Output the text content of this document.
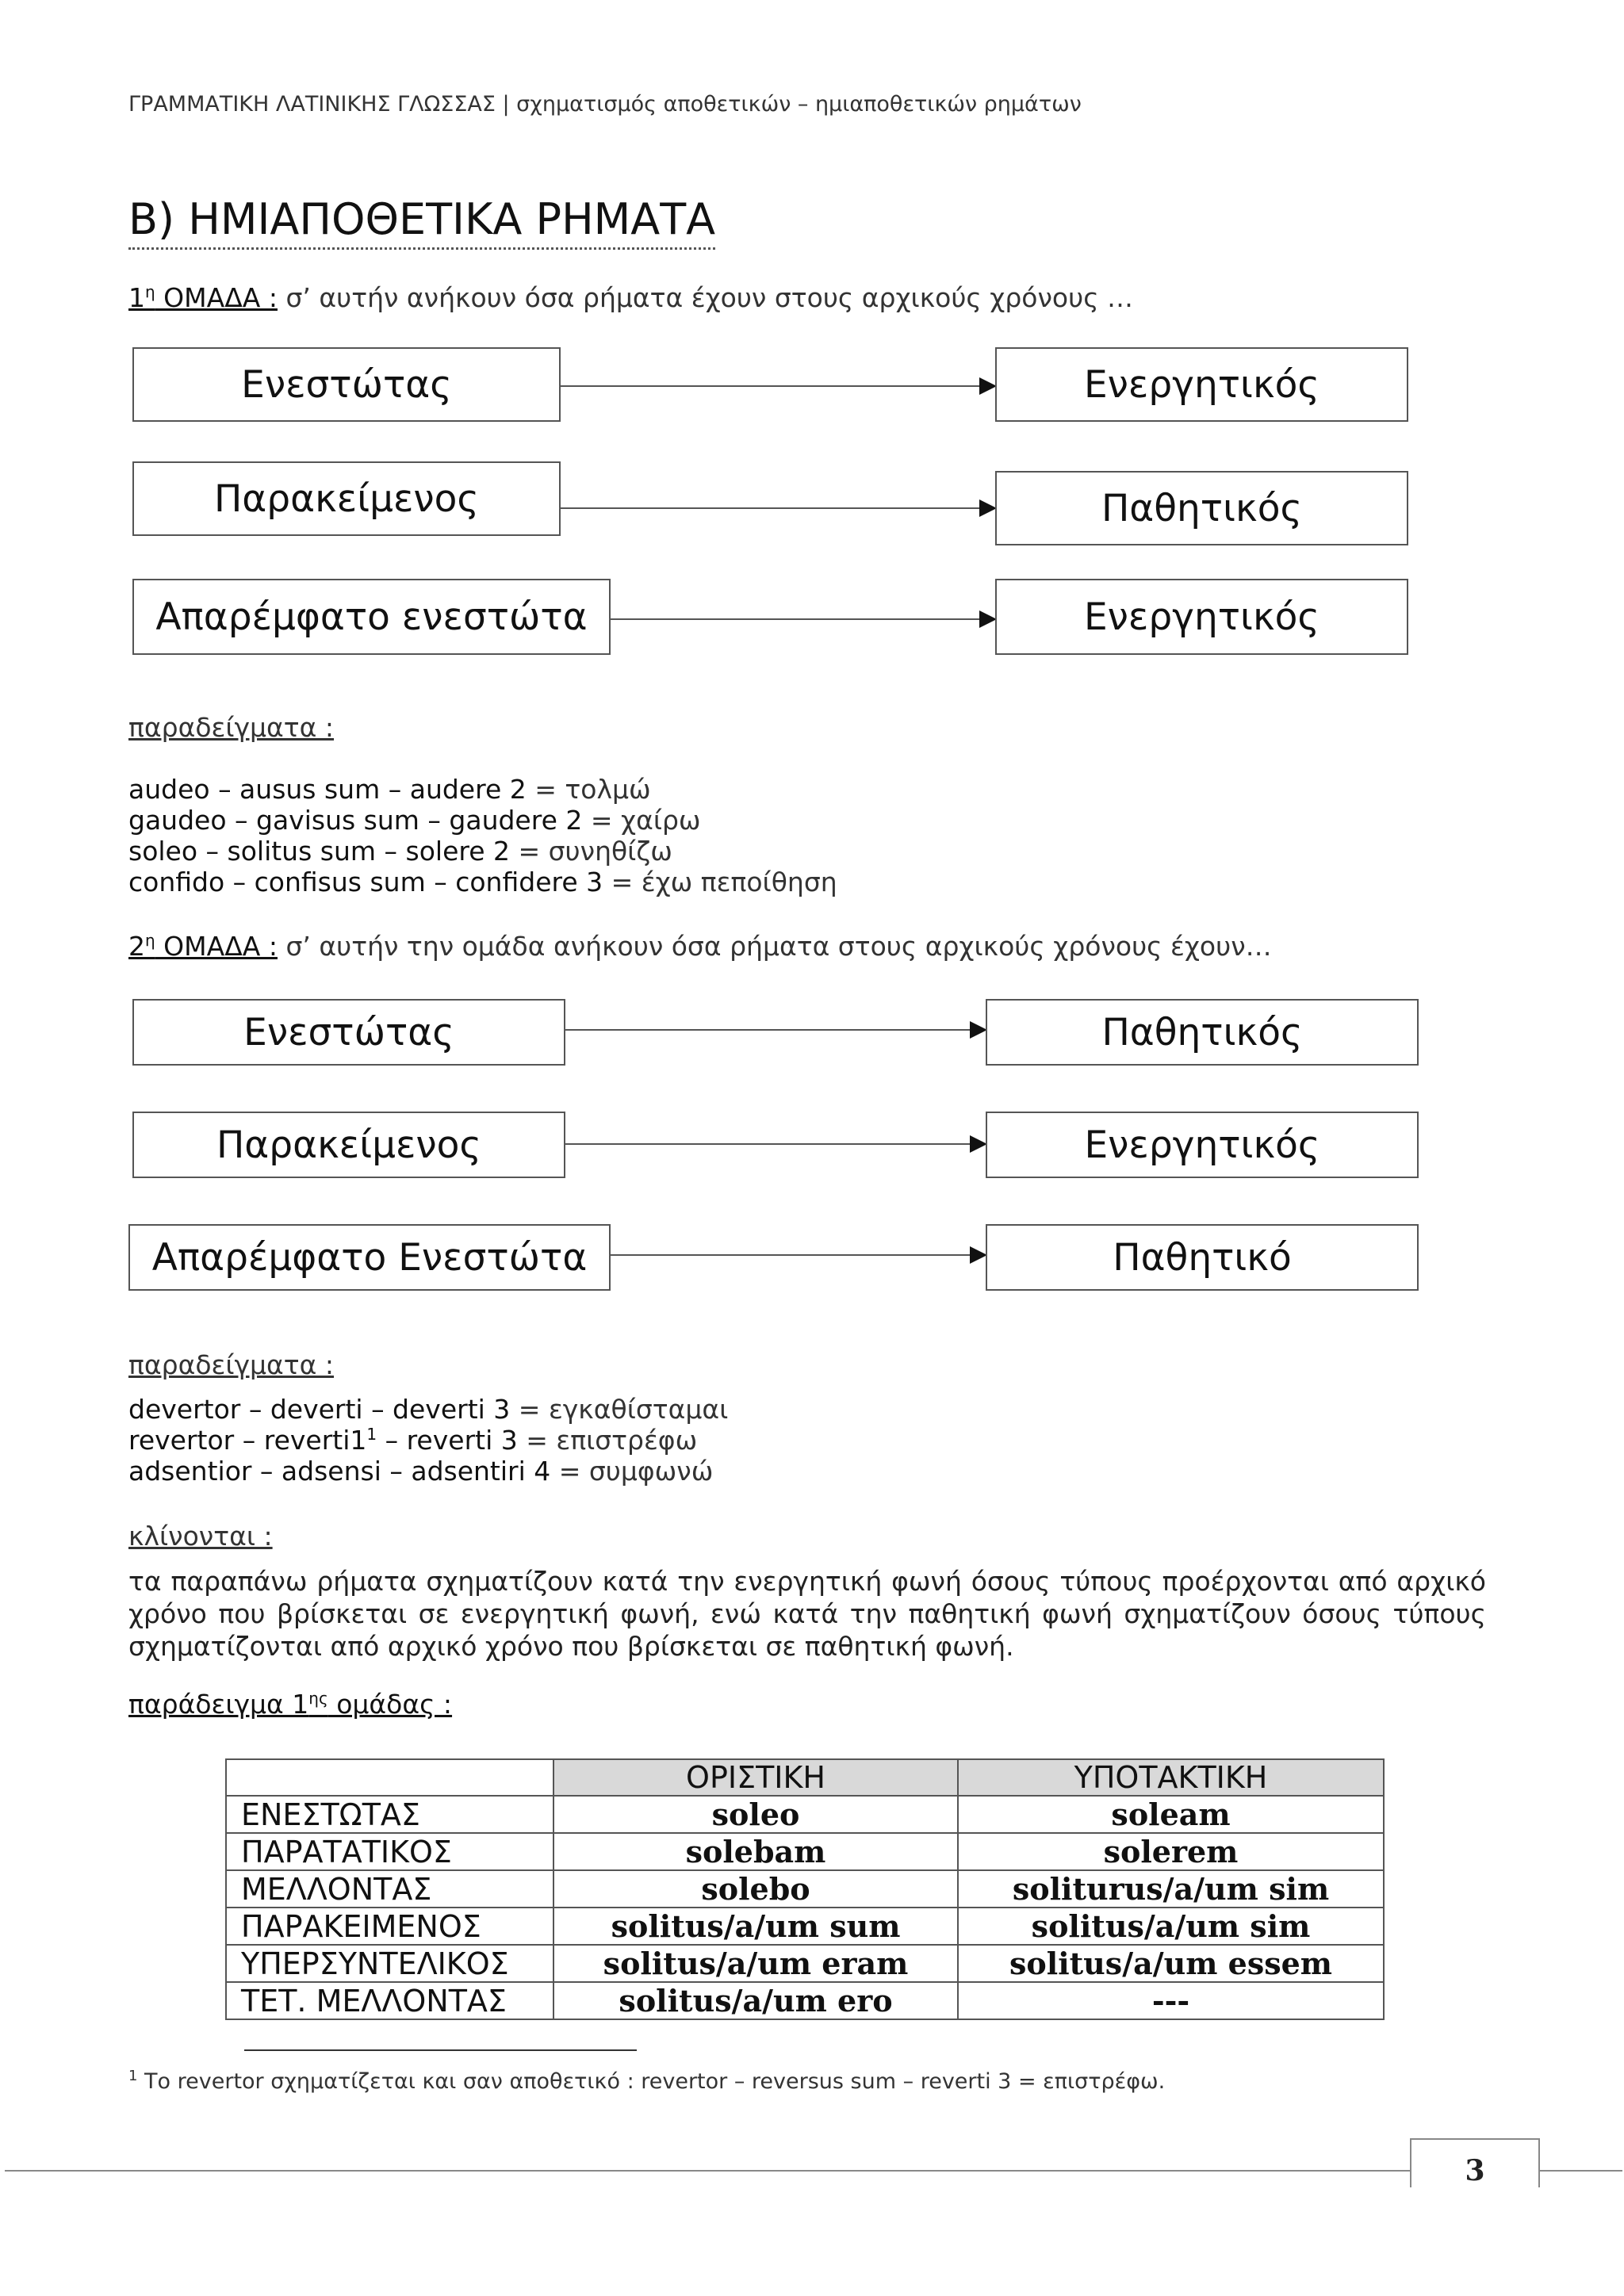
ΓΡΑΜΜΑΤΙΚΗ ΛΑΤΙΝΙΚΗΣ ΓΛΩΣΣΑΣ | σχηματισμός αποθετικών – ημιαποθετικών ρημάτων
Β) ΗΜΙΑΠΟΘΕΤΙΚΑ ΡΗΜΑΤΑ
$1^\eta$ ΟΜΑΔΑ : σ’ αυτήν ανήκουν όσα ρήματα έχουν στους αρχικούς χρόνους …
Ενεστώτας	Ενεργητικός
Παρακείμενος	Παθητικός
Απαρέμφατο ενεστώτα	Ενεργητικός
παραδείγματα :
audeo – ausus sum – audere 2 = τολμώ
gaudeo – gavisus sum – gaudere 2 = χαίρω
soleo – solitus sum – solere 2 = συνηθίζω
confido – confisus sum – confidere 3 = έχω πεποίθηση
$2^\eta$ ΟΜΑΔΑ : σ’ αυτήν την ομάδα ανήκουν όσα ρήματα στους αρχικούς χρόνους έχουν…
Ενεστώτας	Παθητικός
Παρακείμενος	Ενεργητικός
Απαρέμφατο Ενεστώτα	Παθητικό
παραδείγματα :
devertor – deverti – deverti 3 = εγκαθίσταμαι
revertor – $reverti1^1$ – reverti 3 = επιστρέφω
adsentior – adsensi – adsentiri 4 = συμφωνώ
κλίνονται :
τα παραπάνω ρήματα σχηματίζουν κατά την ενεργητική φωνή όσους τύπους προέρχονται από αρχικό χρόνο που βρίσκεται σε ενεργητική φωνή, ενώ κατά την παθητική φωνή σχηματίζουν όσους τύπους σχηματίζονται από αρχικό χρόνο που βρίσκεται σε παθητική φωνή.
παράδειγμα $1^{\eta\varsigma}$ ομάδας :
	ΟΡΙΣΤΙΚΗ	ΥΠΟΤΑΚΤΙΚΗ
ΕΝΕΣΤΩΤΑΣ	soleo	soleam
ΠΑΡΑΤΑΤΙΚΟΣ	solebam	solerem
ΜΕΛΛΟΝΤΑΣ	solebo	soliturus/a/um sim
ΠΑΡΑΚΕΙΜΕΝΟΣ	solitus/a/um sum	solitus/a/um sim
ΥΠΕΡΣΥΝΤΕΛΙΚΟΣ	solitus/a/um eram	solitus/a/um essem
ΤΕΤ. ΜΕΛΛΟΝΤΑΣ	solitus/a/um ero	---
$^1$ Το revertor σχηματίζεται και σαν αποθετικό : revertor – reversus sum – reverti 3 = επιστρέφω.
3
